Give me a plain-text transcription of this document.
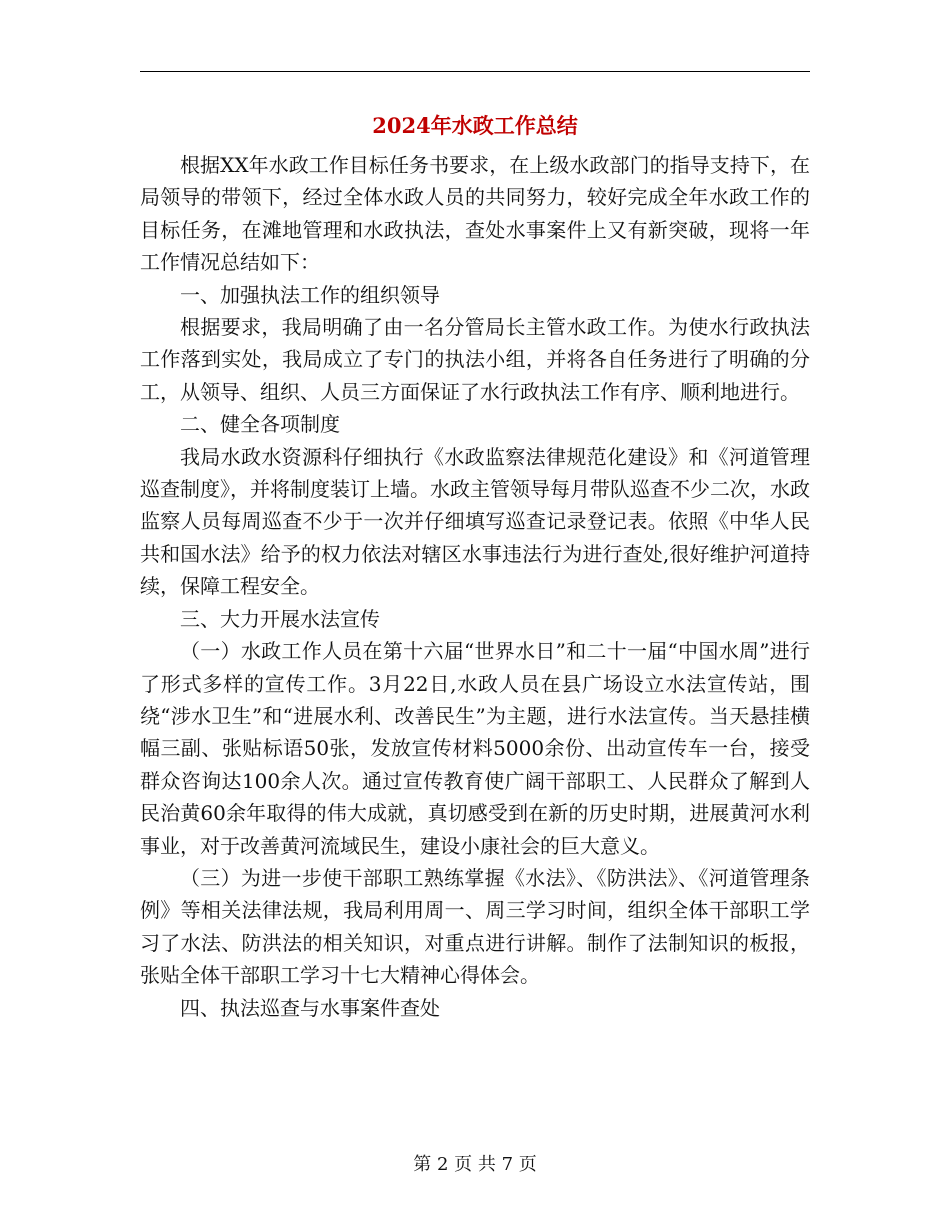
2024年水政工作总结

根据XX年水政工作目标任务书要求，在上级水政部门的指导支持下，在局领导的带领下，经过全体水政人员的共同努力，较好完成全年水政工作的目标任务，在滩地管理和水政执法，查处水事案件上又有新突破，现将一年工作情况总结如下：

一、加强执法工作的组织领导

根据要求，我局明确了由一名分管局长主管水政工作。为使水行政执法工作落到实处，我局成立了专门的执法小组，并将各自任务进行了明确的分工，从领导、组织、人员三方面保证了水行政执法工作有序、顺利地进行。

二、健全各项制度

我局水政水资源科仔细执行《水政监察法律规范化建设》和《河道管理巡查制度》，并将制度装订上墙。水政主管领导每月带队巡查不少二次，水政监察人员每周巡查不少于一次并仔细填写巡查记录登记表。依照《中华人民共和国水法》给予的权力依法对辖区水事违法行为进行查处,很好维护河道持续，保障工程安全。

三、大力开展水法宣传

（一）水政工作人员在第十六届“世界水日”和二十一届“中国水周”进行了形式多样的宣传工作。3月22日,水政人员在县广场设立水法宣传站，围绕“涉水卫生”和“进展水利、改善民生”为主题，进行水法宣传。当天悬挂横幅三副、张贴标语50张，发放宣传材料5000余份、出动宣传车一台，接受群众咨询达100余人次。通过宣传教育使广阔干部职工、人民群众了解到人民治黄60余年取得的伟大成就，真切感受到在新的历史时期，进展黄河水利事业，对于改善黄河流域民生，建设小康社会的巨大意义。

（三）为进一步使干部职工熟练掌握《水法》、《防洪法》、《河道管理条例》等相关法律法规，我局利用周一、周三学习时间，组织全体干部职工学习了水法、防洪法的相关知识，对重点进行讲解。制作了法制知识的板报，张贴全体干部职工学习十七大精神心得体会。

四、执法巡查与水事案件查处

第 2 页 共 7 页
